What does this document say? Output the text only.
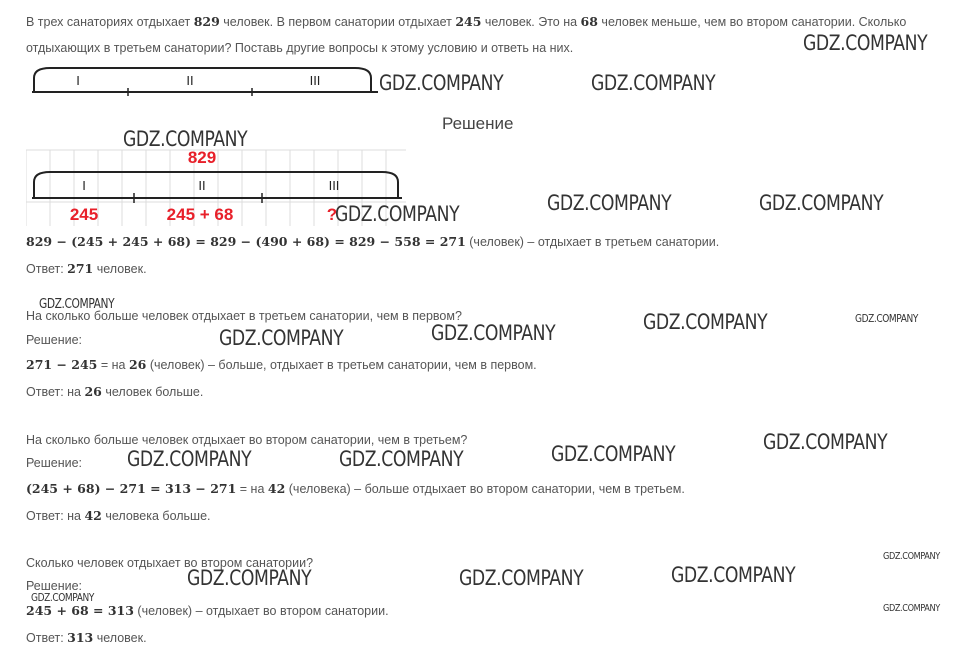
В трех санаториях отдыхает 829 человек. В первом санатории отдыхает 245 человек. Это на 68 человек меньше, чем во втором санатории. Сколько
отдыхающих в третьем санатории? Поставь другие вопросы к этому условию и ответь на них.
I	II	III
Решение
829
I	II	III
245	245 + 68	?
829 − (245 + 245 + 68) = 829 − (490 + 68) = 829 − 558 = 271 (человек) – отдыхает в третьем санатории.
Ответ: 271 человек.
На сколько больше человек отдыхает в третьем санатории, чем в первом?
Решение:
271 − 245 = на 26 (человек) – больше, отдыхает в третьем санатории, чем в первом.
Ответ: на 26 человек больше.
На сколько больше человек отдыхает во втором санатории, чем в третьем?
Решение:
(245 + 68) − 271 = 313 − 271 = на 42 (человека) – больше отдыхает во втором санатории, чем в третьем.
Ответ: на 42 человека больше.
Сколько человек отдыхает во втором санатории?
Решение:
245 + 68 = 313 (человек) – отдыхает во втором санатории.
Ответ: 313 человек.
GDZ.COMPANY
GDZ.COMPANY	GDZ.COMPANY
GDZ.COMPANY
GDZ.COMPANY	GDZ.COMPANY	GDZ.COMPANY
GDZ.COMPANY
GDZ.COMPANY	GDZ.COMPANY	GDZ.COMPANY	GDZ.COMPANY
GDZ.COMPANY	GDZ.COMPANY	GDZ.COMPANY	GDZ.COMPANY
GDZ.COMPANY
GDZ.COMPANY	GDZ.COMPANY	GDZ.COMPANY
GDZ.COMPANY
GDZ.COMPANY
